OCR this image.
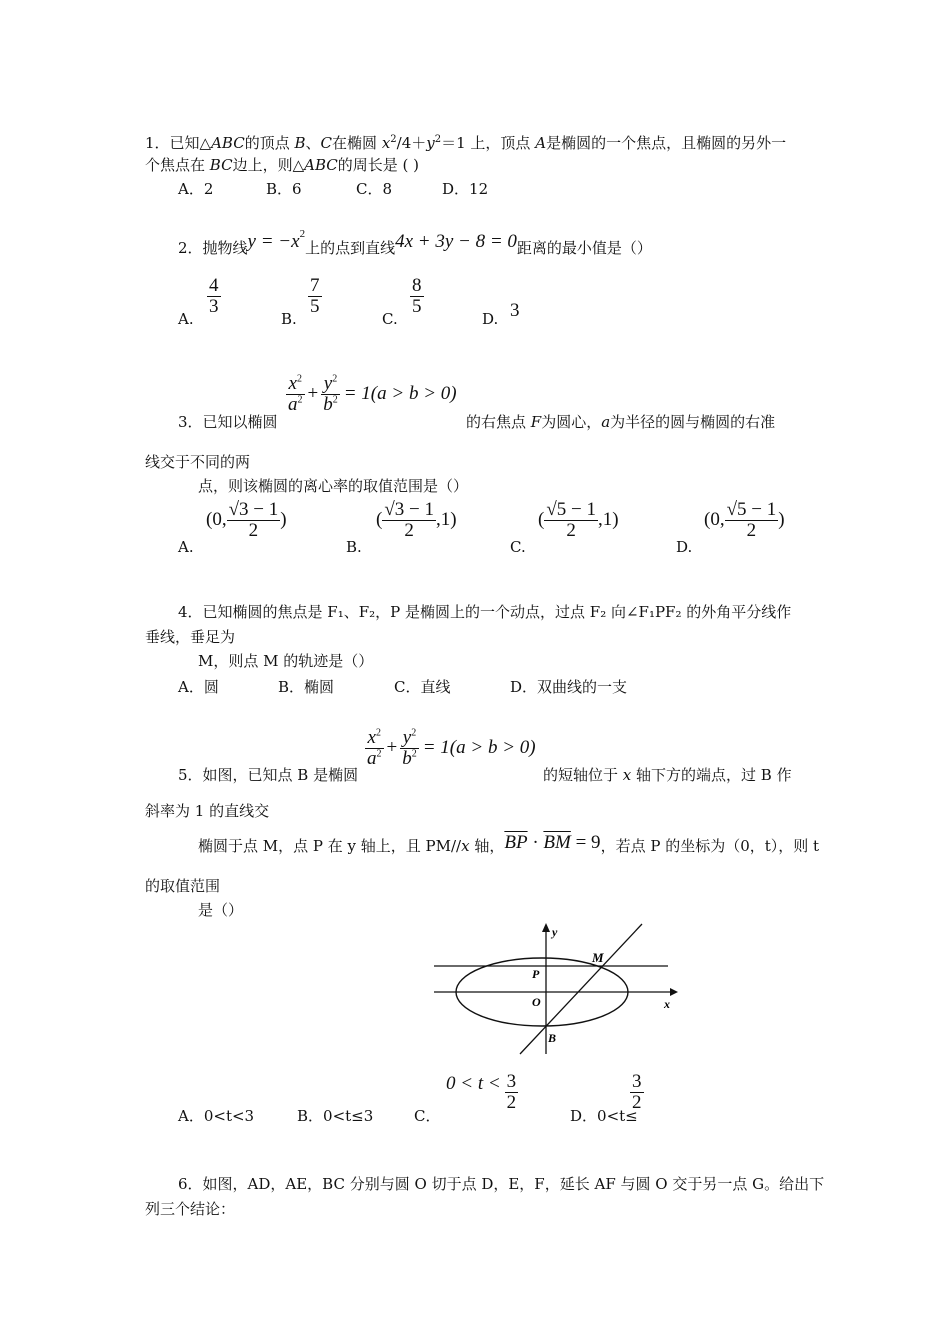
1．已知△ABC的顶点 B、C在椭圆 $x^2/4+y^2=1$ 上，顶点 A是椭圆的一个焦点，且椭圆的另外一
个焦点在 BC边上，则△ABC的周长是 ( )
A．2	B．6	C．8	D．12
2．抛物线$y = -x^2$上的点到直线4x + 3y − 8 = 0距离的最小值是（）
A.
$\frac{4}{3}$
B.
$\frac{7}{5}$
C.
$\frac{8}{5}$
D. 3
3．已知以椭圆
$\frac{x^2}{a^2} + \frac{y^2}{b^2} = 1(a > b > 0)$
的右焦点 F为圆心，a为半径的圆与椭圆的右准
线交于不同的两
点，则该椭圆的离心率的取值范围是（）
A.
(0, $\frac{√3 - 1}{2}$ )
B.
( $\frac{√3 - 1}{2} ,1$)
C.
( $\frac{√5 - 1}{2} ,1$)
D.
(0, $\frac{√5 - 1}{2}$ )
4．已知椭圆的焦点是 F₁、F₂，P 是椭圆上的一个动点，过点 F₂ 向∠F₁PF₂ 的外角平分线作
垂线，垂足为
M，则点 M 的轨迹是（）
A．圆	B．椭圆	C．直线	D．双曲线的一支
5．如图，已知点 B 是椭圆
$\frac{x^2}{a^2} + \frac{y^2}{b^2} = 1(a > b > 0)$
的短轴位于 x 轴下方的端点，过 B 作
斜率为 1 的直线交
椭圆于点 M，点 P 在 y 轴上，且 PM//x 轴，$\overline{BP} \cdot \overline{BM} = 9$，若点 P 的坐标为（0，t），则 t
的取值范围
是（）
y
M
P
O	x
B
A．0<t<3	B．0<t≤3	C．
$0 < t < \frac{3}{2}$
D．0<t≤
$\frac{3}{2}$
6．如图，AD，AE，BC 分别与圆 O 切于点 D，E，F，延长 AF 与圆 O 交于另一点 G。给出下
列三个结论：
